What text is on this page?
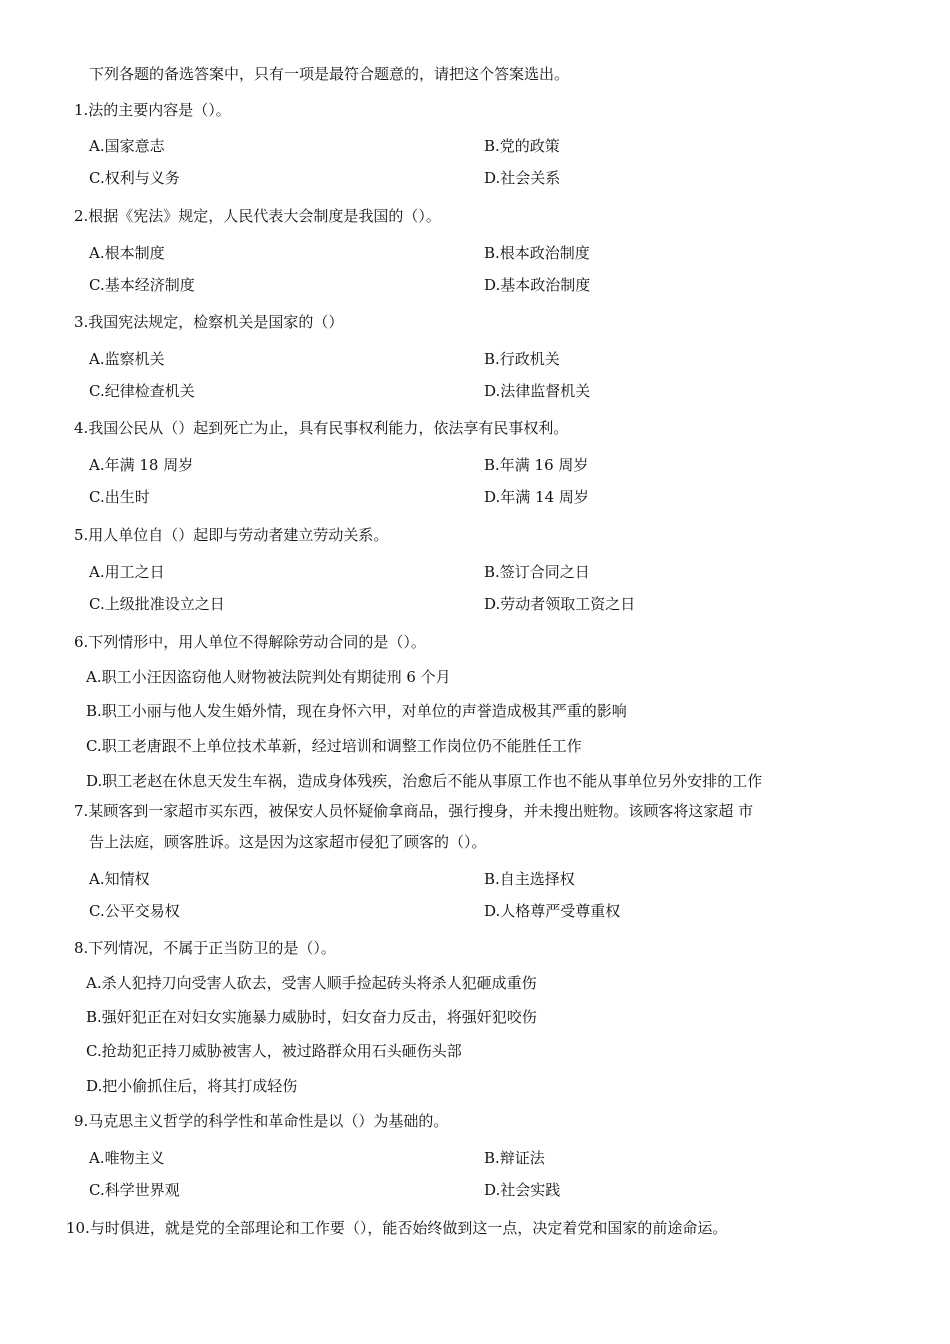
下列各题的备选答案中，只有一项是最符合题意的，请把这个答案选出。
1.法的主要内容是（）。
A.国家意志	B.党的政策
C.权利与义务	D.社会关系
2.根据《宪法》规定，人民代表大会制度是我国的（）。
A.根本制度	B.根本政治制度
C.基本经济制度	D.基本政治制度
3.我国宪法规定，检察机关是国家的（）
A.监察机关	B.行政机关
C.纪律检查机关	D.法律监督机关
4.我国公民从（）起到死亡为止，具有民事权利能力，依法享有民事权利。
A.年满 18 周岁	B.年满 16 周岁
C.出生时	D.年满 14 周岁
5.用人单位自（）起即与劳动者建立劳动关系。
A.用工之日	B.签订合同之日
C.上级批准设立之日	D.劳动者领取工资之日
6.下列情形中，用人单位不得解除劳动合同的是（）。
A.职工小汪因盗窃他人财物被法院判处有期徒刑 6 个月
B.职工小丽与他人发生婚外情，现在身怀六甲，对单位的声誉造成极其严重的影响
C.职工老唐跟不上单位技术革新，经过培训和调整工作岗位仍不能胜任工作
D.职工老赵在休息天发生车祸，造成身体残疾，治愈后不能从事原工作也不能从事单位另外安排的工作
7.某顾客到一家超市买东西，被保安人员怀疑偷拿商品，强行搜身，并未搜出赃物。该顾客将这家超 市
告上法庭，顾客胜诉。这是因为这家超市侵犯了顾客的（）。
A.知情权	B.自主选择权
C.公平交易权	D.人格尊严受尊重权
8.下列情况，不属于正当防卫的是（）。
A.杀人犯持刀向受害人砍去，受害人顺手捡起砖头将杀人犯砸成重伤
B.强奸犯正在对妇女实施暴力威胁时，妇女奋力反击，将强奸犯咬伤
C.抢劫犯正持刀威胁被害人，被过路群众用石头砸伤头部
D.把小偷抓住后，将其打成轻伤
9.马克思主义哲学的科学性和革命性是以（）为基础的。
A.唯物主义	B.辩证法
C.科学世界观	D.社会实践
10.与时俱进，就是党的全部理论和工作要（），能否始终做到这一点，决定着党和国家的前途命运。
